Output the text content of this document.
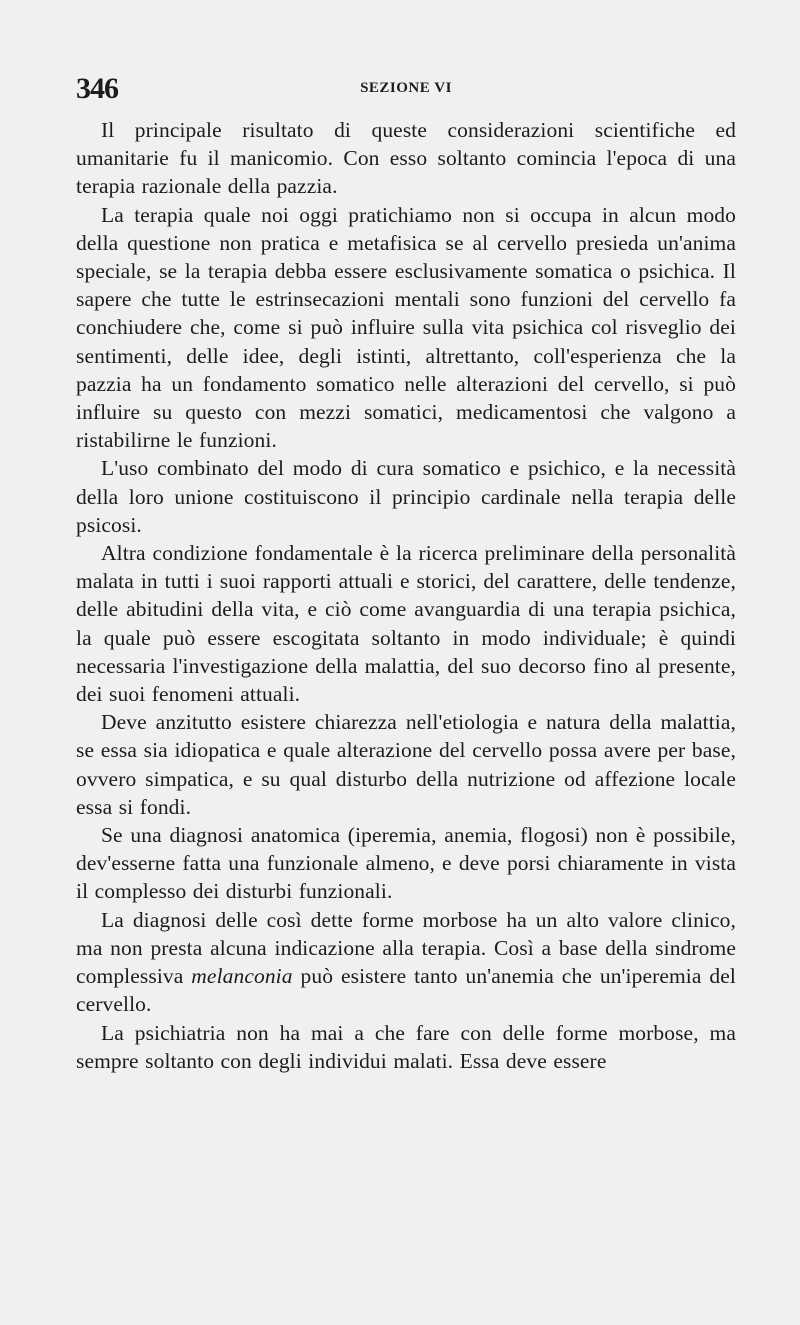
346	SEZIONE VI

Il principale risultato di queste considerazioni scientifiche ed umanitarie fu il manicomio. Con esso soltanto comincia l'epoca di una terapia razionale della pazzia.

La terapia quale noi oggi pratichiamo non si occupa in alcun modo della questione non pratica e metafisica se al cervello presieda un'anima speciale, se la terapia debba essere esclusivamente somatica o psichica. Il sapere che tutte le estrinsecazioni mentali sono funzioni del cervello fa conchiudere che, come si può influire sulla vita psichica col risveglio dei sentimenti, delle idee, degli istinti, altrettanto, coll'esperienza che la pazzia ha un fondamento somatico nelle alterazioni del cervello, si può influire su questo con mezzi somatici, medicamentosi che valgono a ristabilirne le funzioni.

L'uso combinato del modo di cura somatico e psichico, e la necessità della loro unione costituiscono il principio cardinale nella terapia delle psicosi.

Altra condizione fondamentale è la ricerca preliminare della personalità malata in tutti i suoi rapporti attuali e storici, del carattere, delle tendenze, delle abitudini della vita, e ciò come avanguardia di una terapia psichica, la quale può essere escogitata soltanto in modo individuale; è quindi necessaria l'investigazione della malattia, del suo decorso fino al presente, dei suoi fenomeni attuali.

Deve anzitutto esistere chiarezza nell'etiologia e natura della malattia, se essa sia idiopatica e quale alterazione del cervello possa avere per base, ovvero simpatica, e su qual disturbo della nutrizione od affezione locale essa si fondi.

Se una diagnosi anatomica (iperemia, anemia, flogosi) non è possibile, dev'esserne fatta una funzionale almeno, e deve porsi chiaramente in vista il complesso dei disturbi funzionali.

La diagnosi delle così dette forme morbose ha un alto valore clinico, ma non presta alcuna indicazione alla terapia. Così a base della sindrome complessiva melanconia può esistere tanto un'anemia che un'iperemia del cervello.

La psichiatria non ha mai a che fare con delle forme morbose, ma sempre soltanto con degli individui malati. Essa deve essere
